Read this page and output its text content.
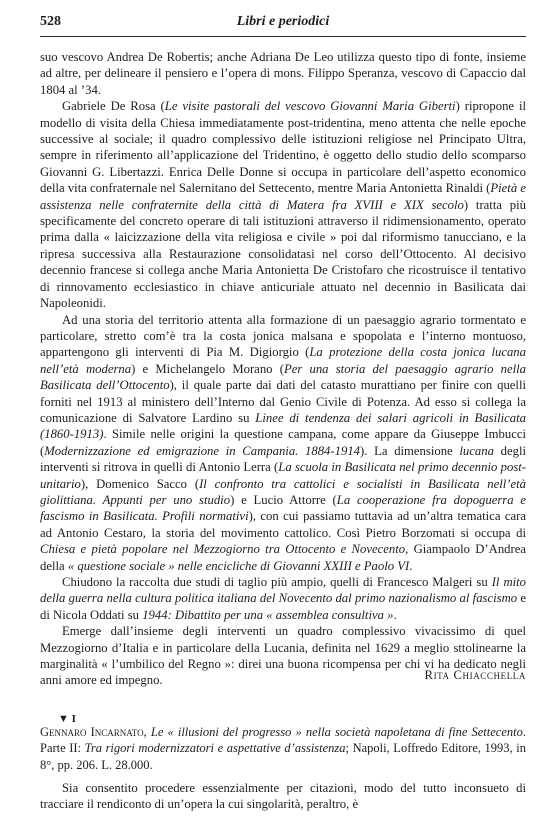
528	Libri e periodici

suo vescovo Andrea De Robertis; anche Adriana De Leo utilizza questo tipo di fonte, insieme ad altre, per delineare il pensiero e l’opera di mons. Filippo Speranza, vescovo di Capaccio dal 1804 al ’34.

Gabriele De Rosa (Le visite pastorali del vescovo Giovanni Maria Giberti) ripropone il modello di visita della Chiesa immediatamente post-tridentina, meno attenta che nelle epoche successive al sociale; il quadro complessivo delle istituzioni religiose nel Principato Ultra, sempre in riferimento all’applicazione del Tridentino, è oggetto dello studio dello scomparso Giovanni G. Libertazzi. Enrica Delle Donne si occupa in particolare dell’aspetto economico della vita confraternale nel Salernitano del Settecento, mentre Maria Antonietta Rinaldi (Pietà e assistenza nelle confraternite della città di Matera fra XVIII e XIX secolo) tratta più specificamente del concreto operare di tali istituzioni attraverso il ridimensionamento, operato prima dalla « laicizzazione della vita religiosa e civile » poi dal riformismo tanucciano, e la ripresa successiva alla Restaurazione consolidatasi nel corso dell’Ottocento. Al decisivo decennio francese si collega anche Maria Antonietta De Cristofaro che ricostruisce il tentativo di rinnovamento ecclesiastico in chiave anticuriale attuato nel decennio in Basilicata dai Napoleonidi.

Ad una storia del territorio attenta alla formazione di un paesaggio agrario tormentato e particolare, stretto com’è tra la costa jonica malsana e spopolata e l’interno montuoso, appartengono gli interventi di Pia M. Digiorgio (La protezione della costa jonica lucana nell’età moderna) e Michelangelo Morano (Per una storia del paesaggio agrario nella Basilicata dell’Ottocento), il quale parte dai dati del catasto murattiano per finire con quelli forniti nel 1913 al ministero dell’Interno dal Genio Civile di Potenza. Ad esso si collega la comunicazione di Salvatore Lardino su Linee di tendenza dei salari agricoli in Basilicata (1860-1913). Simile nelle origini la questione campana, come appare da Giuseppe Imbucci (Modernizzazione ed emigrazione in Campania. 1884-1914). La dimensione lucana degli interventi si ritrova in quelli di Antonio Lerra (La scuola in Basilicata nel primo decennio post-unitario), Domenico Sacco (Il confronto tra cattolici e socialisti in Basilicata nell’età giolittiana. Appunti per uno studio) e Lucio Attorre (La cooperazione fra dopoguerra e fascismo in Basilicata. Profili normativi), con cui passiamo tuttavia ad un’altra tematica cara ad Antonio Cestaro, la storia del movimento cattolico. Così Pietro Borzomati si occupa di Chiesa e pietà popolare nel Mezzogiorno tra Ottocento e Novecento, Giampaolo D’Andrea della « questione sociale » nelle encicliche di Giovanni XXIII e Paolo VI.

Chiudono la raccolta due studi di taglio più ampio, quelli di Francesco Malgeri su Il mito della guerra nella cultura politica italiana del Novecento dal primo nazionalismo al fascismo e di Nicola Oddati su 1944: Dibattito per una « assemblea consultiva ».

Emerge dall’insieme degli interventi un quadro complessivo vivacissimo di quel Mezzogiorno d’Italia e in particolare della Lucania, definita nel 1629 a meglio sttolinearne la marginalità « l’umbilico del Regno »: direi una buona ricompensa per chi vi ha dedicato negli anni amore ed impegno.	Rita Chiacchella
▼ I
Gennaro Incarnato, Le « illusioni del progresso » nella società napoletana di fine Settecento. Parte II: Tra rigori modernizzatori e aspettative d’assistenza; Napoli, Loffredo Editore, 1993, in 8°, pp. 206. L. 28.000.
Sia consentito procedere essenzialmente per citazioni, modo del tutto inconsueto di tracciare il rendiconto di un’opera la cui singolarità, peraltro, è
